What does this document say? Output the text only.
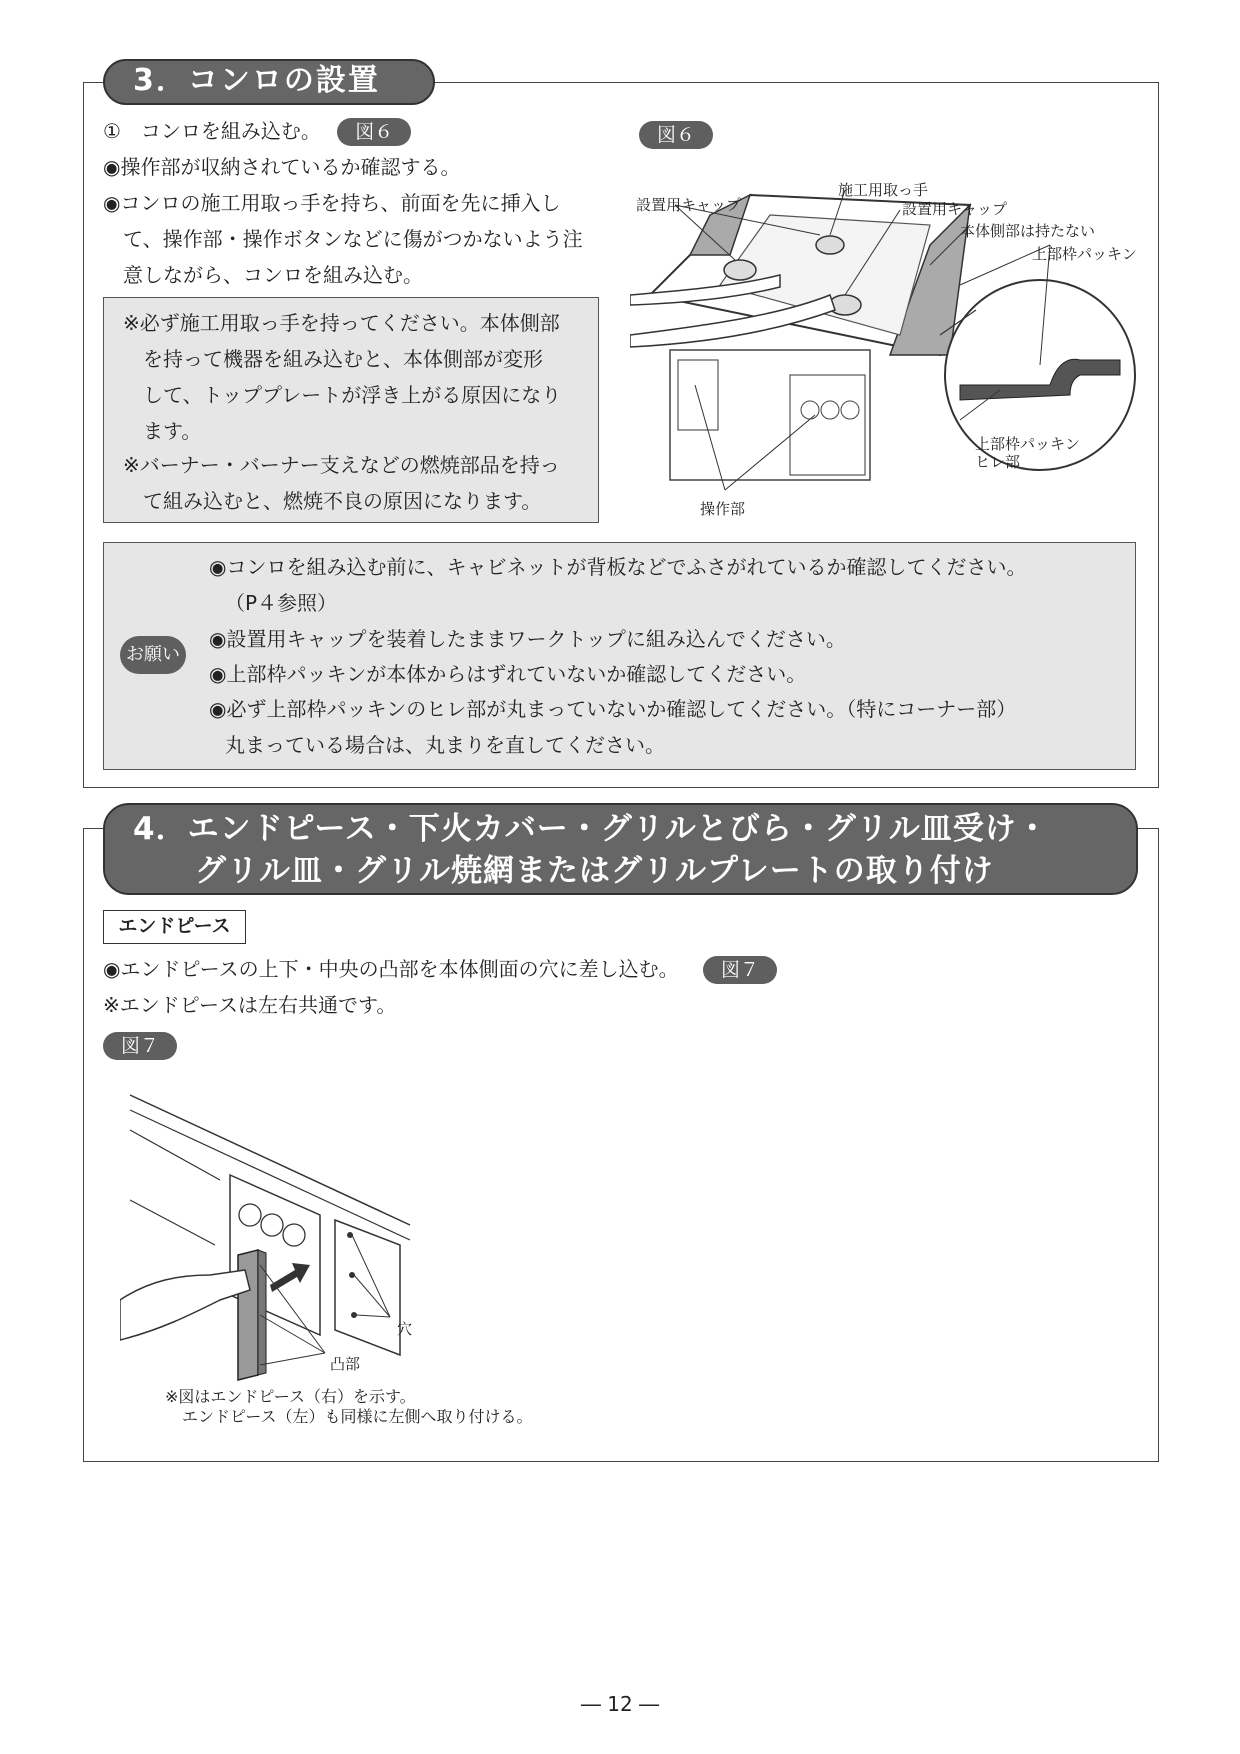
3．コンロの設置
①　コンロを組み込む。 図６
◉操作部が収納されているか確認する。
◉コンロの施工用取っ手を持ち、前面を先に挿入し
て、操作部・操作ボタンなどに傷がつかないよう注
意しながら、コンロを組み込む。
※必ず施工用取っ手を持ってください。本体側部
を持って機器を組み込むと、本体側部が変形
して、トッププレートが浮き上がる原因になり
ます。
※バーナー・バーナー支えなどの燃焼部品を持っ
て組み込むと、燃焼不良の原因になります。
図６
設置用キャップ
施工用取っ手
設置用キャップ
本体側部は持たない
上部枠パッキン
上部枠パッキン
ヒレ部
操作部
お願い
◉コンロを組み込む前に、キャビネットが背板などでふさがれているか確認してください。
（P４参照）
◉設置用キャップを装着したままワークトップに組み込んでください。
◉上部枠パッキンが本体からはずれていないか確認してください。
◉必ず上部枠パッキンのヒレ部が丸まっていないか確認してください。（特にコーナー部）
丸まっている場合は、丸まりを直してください。
4．エンドピース・下火カバー・グリルとびら・グリル皿受け・
グリル皿・グリル焼網またはグリルプレートの取り付け
エンドピース
◉エンドピースの上下・中央の凸部を本体側面の穴に差し込む。 図７
※エンドピースは左右共通です。
図７
穴
凸部
※図はエンドピース（右）を示す。
エンドピース（左）も同様に左側へ取り付ける。
― 12 ―
